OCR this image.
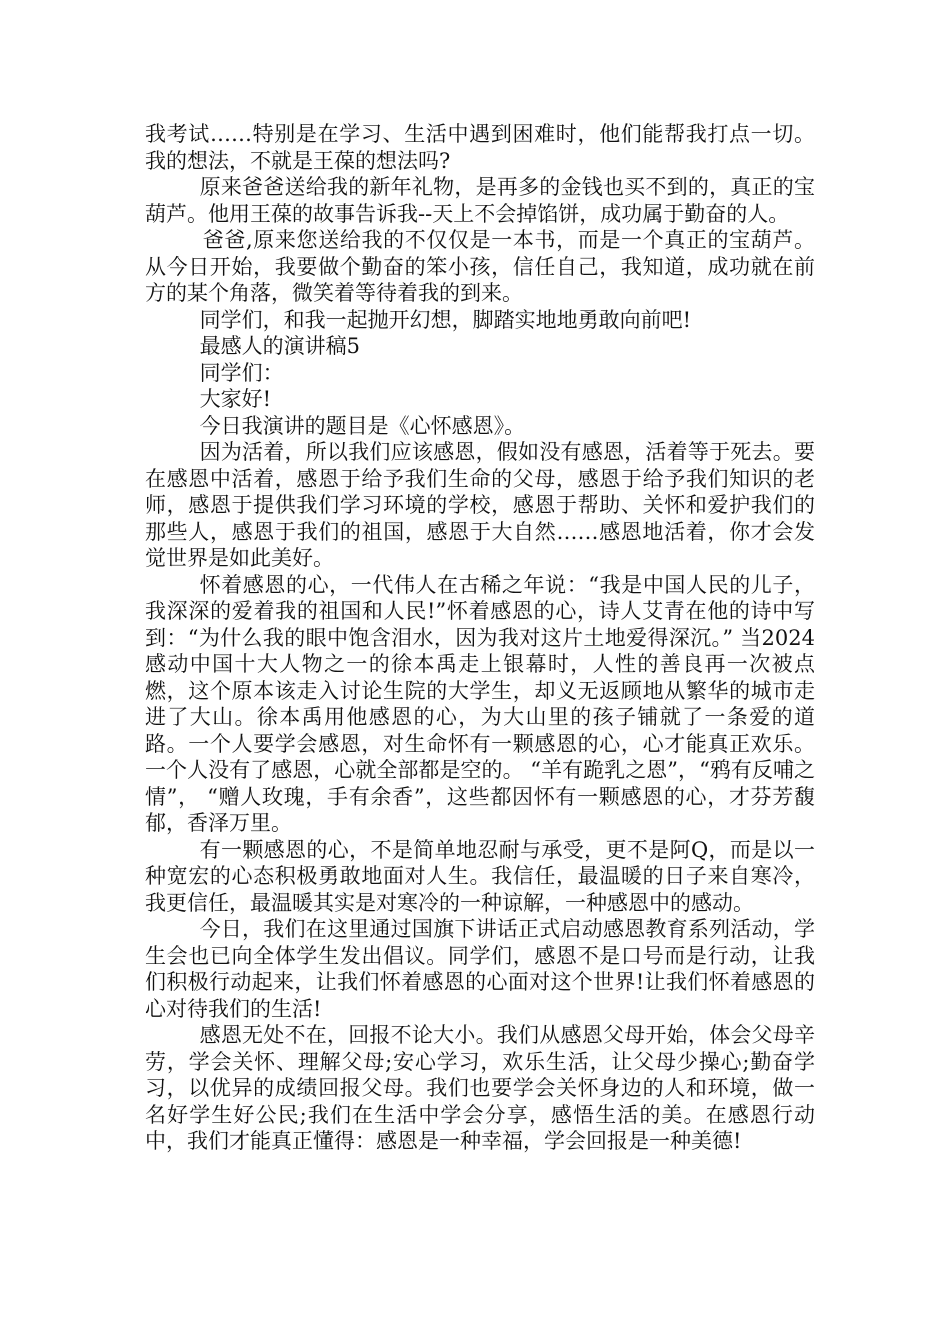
我考试……特别是在学习、生活中遇到困难时，他们能帮我打点一切。我的想法，不就是王葆的想法吗?

原来爸爸送给我的新年礼物，是再多的金钱也买不到的，真正的宝葫芦。他用王葆的故事告诉我--天上不会掉馅饼，成功属于勤奋的人。

爸爸,原来您送给我的不仅仅是一本书，而是一个真正的宝葫芦。从今日开始，我要做个勤奋的笨小孩，信任自己，我知道，成功就在前方的某个角落，微笑着等待着我的到来。

同学们，和我一起抛开幻想，脚踏实地地勇敢向前吧!

最感人的演讲稿5

同学们：

大家好!

今日我演讲的题目是《心怀感恩》。

因为活着，所以我们应该感恩，假如没有感恩，活着等于死去。要在感恩中活着，感恩于给予我们生命的父母，感恩于给予我们知识的老师，感恩于提供我们学习环境的学校，感恩于帮助、关怀和爱护我们的那些人，感恩于我们的祖国，感恩于大自然……感恩地活着，你才会发觉世界是如此美好。

怀着感恩的心，一代伟人在古稀之年说：“我是中国人民的儿子，我深深的爱着我的祖国和人民!”怀着感恩的心，诗人艾青在他的诗中写到：“为什么我的眼中饱含泪水，因为我对这片土地爱得深沉。” 当2024感动中国十大人物之一的徐本禹走上银幕时，人性的善良再一次被点燃，这个原本该走入讨论生院的大学生，却义无返顾地从繁华的城市走进了大山。徐本禹用他感恩的心，为大山里的孩子铺就了一条爱的道路。一个人要学会感恩，对生命怀有一颗感恩的心，心才能真正欢乐。一个人没有了感恩，心就全部都是空的。 “羊有跪乳之恩”，“鸦有反哺之情”， “赠人玫瑰，手有余香”，这些都因怀有一颗感恩的心，才芬芳馥郁，香泽万里。

有一颗感恩的心，不是简单地忍耐与承受，更不是阿Q，而是以一种宽宏的心态积极勇敢地面对人生。我信任，最温暖的日子来自寒冷，我更信任，最温暖其实是对寒冷的一种谅解，一种感恩中的感动。

今日，我们在这里通过国旗下讲话正式启动感恩教育系列活动，学生会也已向全体学生发出倡议。同学们，感恩不是口号而是行动，让我们积极行动起来，让我们怀着感恩的心面对这个世界!让我们怀着感恩的心对待我们的生活!

感恩无处不在，回报不论大小。我们从感恩父母开始，体会父母辛劳，学会关怀、理解父母;安心学习，欢乐生活，让父母少操心;勤奋学习，以优异的成绩回报父母。我们也要学会关怀身边的人和环境，做一名好学生好公民;我们在生活中学会分享，感悟生活的美。在感恩行动中，我们才能真正懂得：感恩是一种幸福，学会回报是一种美德!
